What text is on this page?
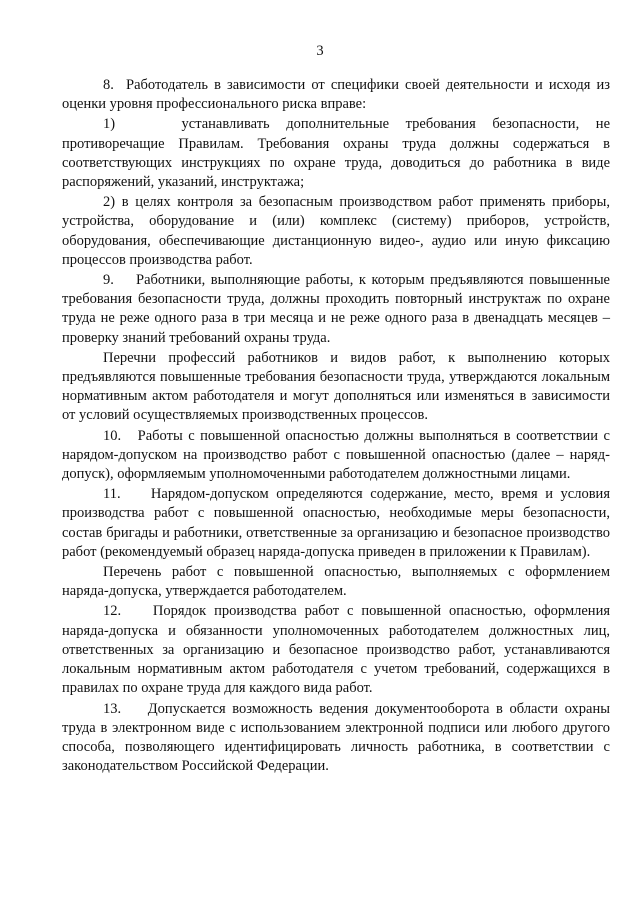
3

8.  Работодатель в зависимости от специфики своей деятельности и исходя из оценки уровня профессионального риска вправе:

1)    устанавливать дополнительные требования безопасности, не противоречащие Правилам. Требования охраны труда должны содержаться в соответствующих инструкциях по охране труда, доводиться до работника в виде распоряжений, указаний, инструктажа;

2) в целях контроля за безопасным производством работ применять приборы, устройства, оборудование и (или) комплекс (систему) приборов, устройств, оборудования, обеспечивающие дистанционную видео-, аудио или иную фиксацию процессов производства работ.

9.    Работники, выполняющие работы, к которым предъявляются повышенные требования безопасности труда, должны проходить повторный инструктаж по охране труда не реже одного раза в три месяца и не реже одного раза в двенадцать месяцев – проверку знаний требований охраны труда.

Перечни профессий работников и видов работ, к выполнению которых предъявляются повышенные требования безопасности труда, утверждаются локальным нормативным актом работодателя и могут дополняться или изменяться в зависимости от условий осуществляемых производственных процессов.

10.   Работы с повышенной опасностью должны выполняться в соответствии с нарядом-допуском на производство работ с повышенной опасностью (далее – наряд-допуск), оформляемым уполномоченными работодателем должностными лицами.

11.    Нарядом-допуском определяются содержание, место, время и условия производства работ с повышенной опасностью, необходимые меры безопасности, состав бригады и работники, ответственные за организацию и безопасное производство работ (рекомендуемый образец наряда-допуска приведен в приложении к Правилам).

Перечень работ с повышенной опасностью, выполняемых с оформлением наряда-допуска, утверждается работодателем.

12.    Порядок производства работ с повышенной опасностью, оформления наряда-допуска и обязанности уполномоченных работодателем должностных лиц, ответственных за организацию и безопасное производство работ, устанавливаются локальным нормативным актом работодателя с учетом требований, содержащихся в правилах по охране труда для каждого вида работ.

13.    Допускается возможность ведения документооборота в области охраны труда в электронном виде с использованием электронной подписи или любого другого способа, позволяющего идентифицировать личность работника, в соответствии с законодательством Российской Федерации.
